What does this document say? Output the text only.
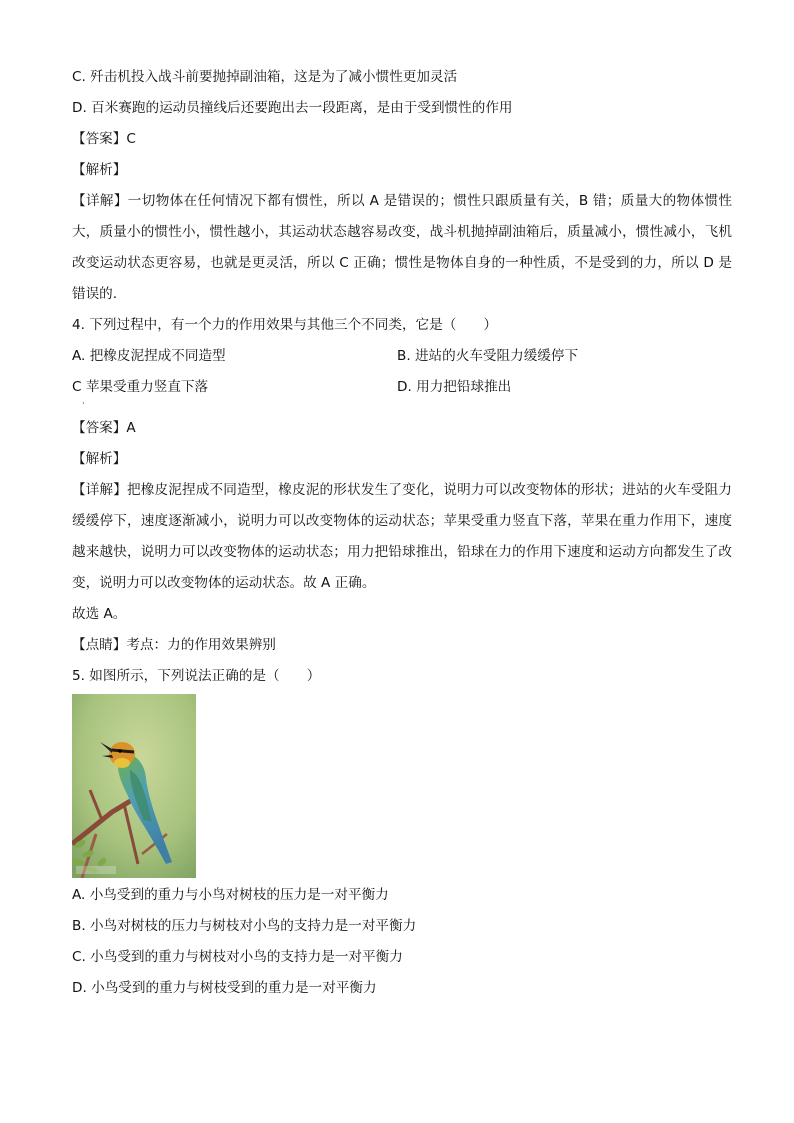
C. 歼击机投入战斗前要抛掉副油箱，这是为了减小惯性更加灵活
D. 百米赛跑的运动员撞线后还要跑出去一段距离，是由于受到惯性的作用
【答案】C
【解析】

【详解】一切物体在任何情况下都有惯性，所以 A 是错误的；惯性只跟质量有关，B 错；质量大的物体惯性大，质量小的惯性小，惯性越小，其运动状态越容易改变，战斗机抛掉副油箱后，质量减小，惯性减小，飞机改变运动状态更容易，也就是更灵活，所以 C 正确；惯性是物体自身的一种性质，不是受到的力，所以 D 是错误的.

4. 下列过程中，有一个力的作用效果与其他三个不同类，它是（　　）
A. 把橡皮泥捏成不同造型	B. 进站的火车受阻力缓缓停下
C 苹果受重力竖直下落	D. 用力把铅球推出
·
【答案】A
【解析】

【详解】把橡皮泥捏成不同造型，橡皮泥的形状发生了变化，说明力可以改变物体的形状；进站的火车受阻力缓缓停下，速度逐渐减小，说明力可以改变物体的运动状态；苹果受重力竖直下落，苹果在重力作用下，速度越来越快，说明力可以改变物体的运动状态；用力把铅球推出，铅球在力的作用下速度和运动方向都发生了改变，说明力可以改变物体的运动状态。故 A 正确。

故选 A。
【点睛】考点：力的作用效果辨别
5. 如图所示，下列说法正确的是（　　）
A. 小鸟受到的重力与小鸟对树枝的压力是一对平衡力
B. 小鸟对树枝的压力与树枝对小鸟的支持力是一对平衡力
C. 小鸟受到的重力与树枝对小鸟的支持力是一对平衡力
D. 小鸟受到的重力与树枝受到的重力是一对平衡力
